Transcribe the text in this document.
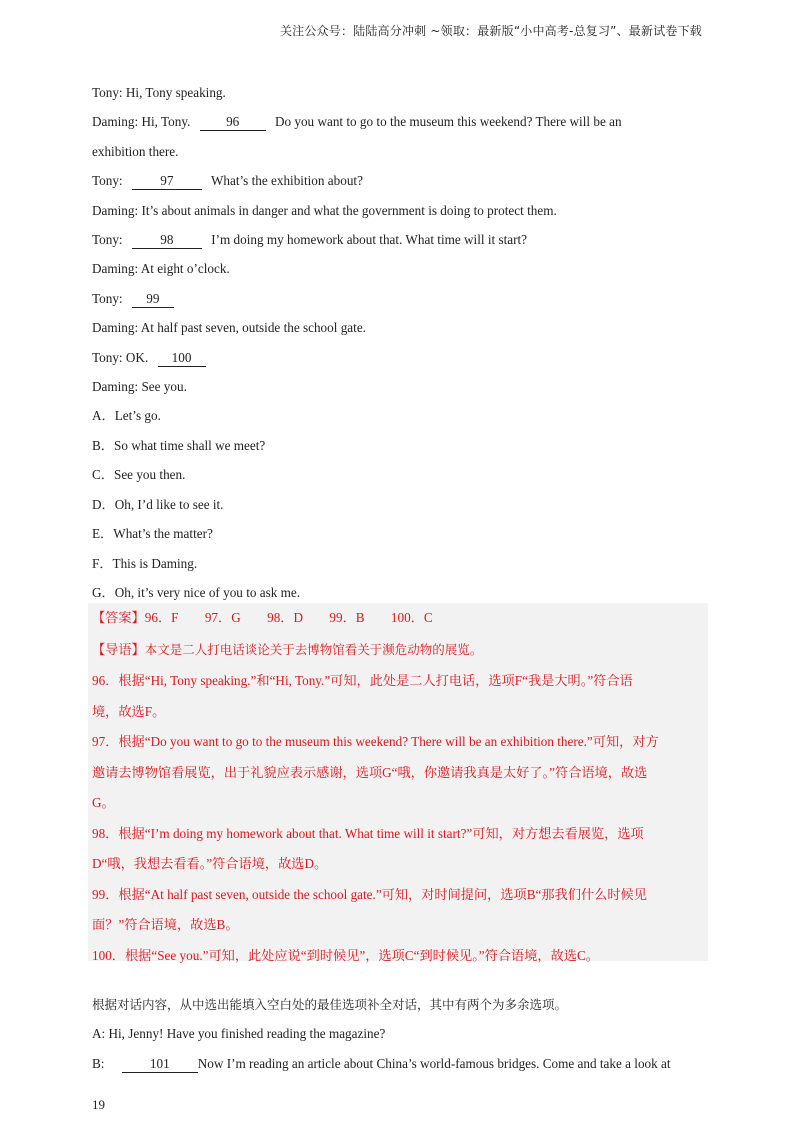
关注公众号：陆陆高分冲刺 ~领取：最新版“小中高考-总复习”、最新试卷下载
Tony: Hi, Tony speaking.
Daming: Hi, Tony.	96	Do you want to go to the museum this weekend? There will be an
exhibition there.
Tony:	97	What’s the exhibition about?
Daming: It’s about animals in danger and what the government is doing to protect them.
Tony:	98	I’m doing my homework about that. What time will it start?
Daming: At eight o’clock.
Tony: 99
Daming: At half past seven, outside the school gate.
Tony: OK. 100
Daming: See you.
A．Let’s go.
B．So what time shall we meet?
C．See you then.
D．Oh, I’d like to see it.
E．What’s the matter?
F．This is Daming.
G．Oh, it’s very nice of you to ask me.
【答案】96．F　　97．G　　98．D　　99．B　　100．C
【导语】本文是二人打电话谈论关于去博物馆看关于濒危动物的展览。
96．根据“Hi, Tony speaking.”和“Hi, Tony.”可知，此处是二人打电话，选项F“我是大明。”符合语
境，故选F。
97．根据“Do you want to go to the museum this weekend? There will be an exhibition there.”可知，对方
邀请去博物馆看展览，出于礼貌应表示感谢，选项G“哦，你邀请我真是太好了。”符合语境，故选
G。
98．根据“I’m doing my homework about that. What time will it start?”可知，对方想去看展览，选项
D“哦，我想去看看。”符合语境，故选D。
99．根据“At half past seven, outside the school gate.”可知，对时间提问，选项B“那我们什么时候见
面？”符合语境，故选B。
100．根据“See you.”可知，此处应说“到时候见”，选项C“到时候见。”符合语境，故选C。
根据对话内容，从中选出能填入空白处的最佳选项补全对话，其中有两个为多余选项。
A: Hi, Jenny! Have you finished reading the magazine?
B:	101 Now I’m reading an article about China’s world-famous bridges. Come and take a look at
19
